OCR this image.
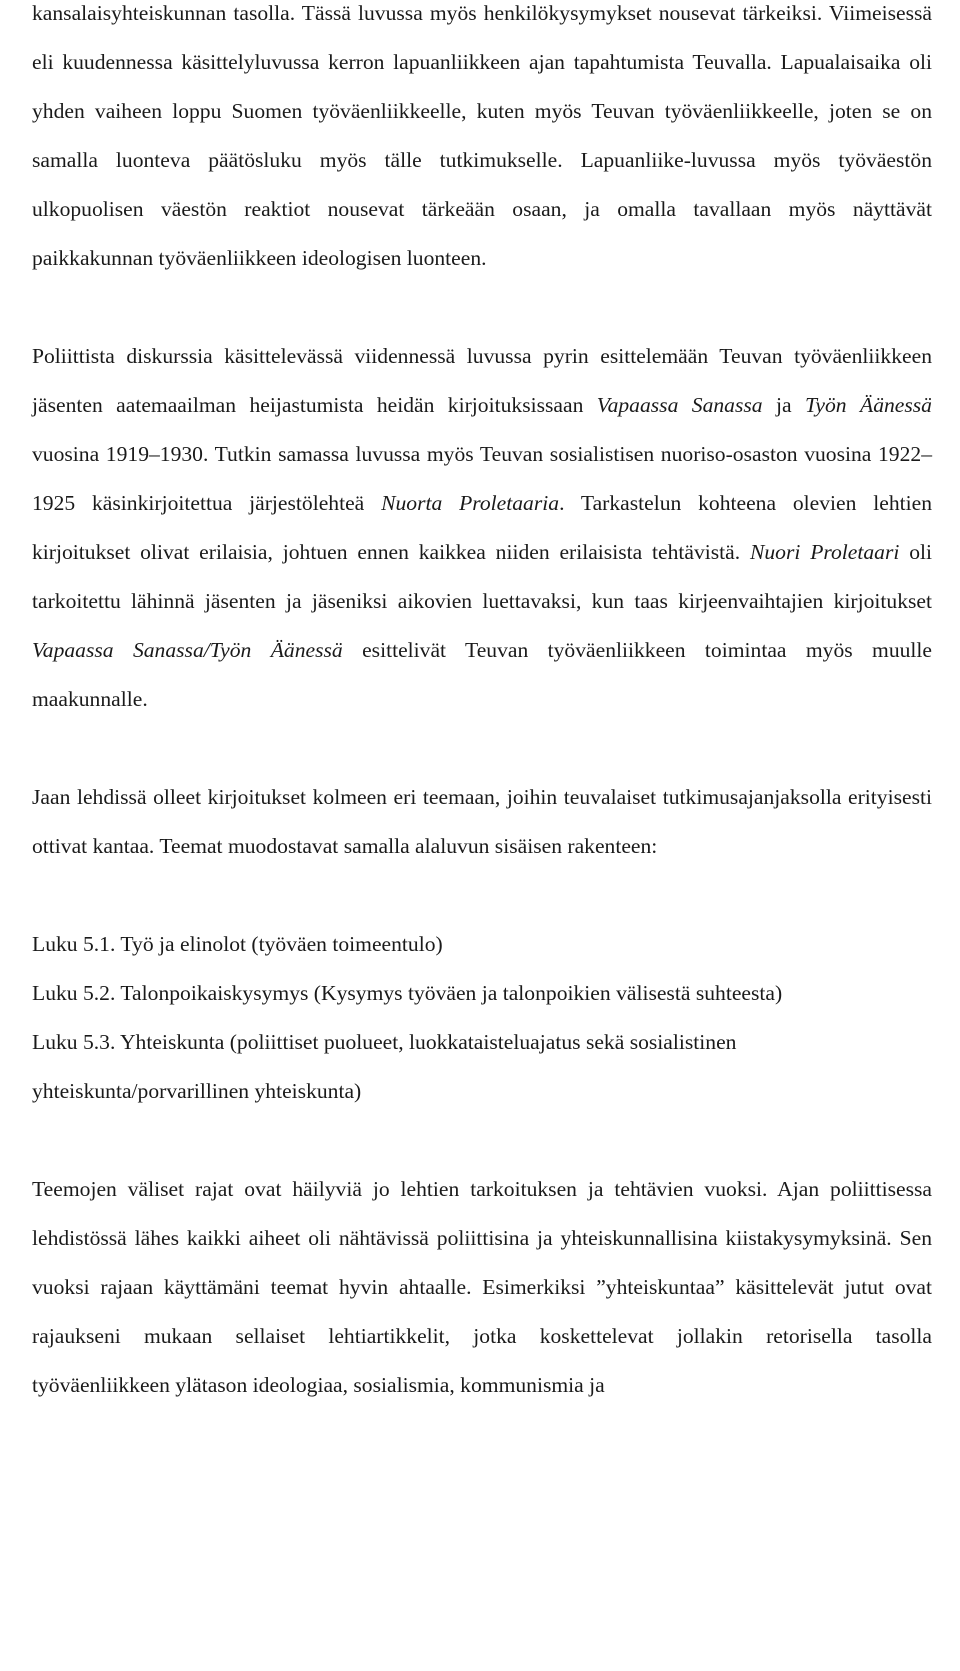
kansalaisyhteiskunnan tasolla. Tässä luvussa myös henkilökysymykset nousevat tärkeiksi. Viimeisessä eli kuudennessa käsittelyluvussa kerron lapuanliikkeen ajan tapahtumista Teuvalla. Lapualaisaika oli yhden vaiheen loppu Suomen työväenliikkeelle, kuten myös Teuvan työväenliikkeelle, joten se on samalla luonteva päätösluku myös tälle tutkimukselle. Lapuanliike-luvussa myös työväestön ulkopuolisen väestön reaktiot nousevat tärkeään osaan, ja omalla tavallaan myös näyttävät paikkakunnan työväenliikkeen ideologisen luonteen.

Poliittista diskurssia käsittelevässä viidennessä luvussa pyrin esittelemään Teuvan työväenliikkeen jäsenten aatemaailman heijastumista heidän kirjoituksissaan Vapaassa Sanassa ja Työn Äänessä vuosina 1919–1930. Tutkin samassa luvussa myös Teuvan sosialistisen nuoriso-osaston vuosina 1922–1925 käsinkirjoitettua järjestölehteä Nuorta Proletaaria. Tarkastelun kohteena olevien lehtien kirjoitukset olivat erilaisia, johtuen ennen kaikkea niiden erilaisista tehtävistä. Nuori Proletaari oli tarkoitettu lähinnä jäsenten ja jäseniksi aikovien luettavaksi, kun taas kirjeenvaihtajien kirjoitukset Vapaassa Sanassa/Työn Äänessä esittelivät Teuvan työväenliikkeen toimintaa myös muulle maakunnalle.

Jaan lehdissä olleet kirjoitukset kolmeen eri teemaan, joihin teuvalaiset tutkimusajanjaksolla erityisesti ottivat kantaa. Teemat muodostavat samalla alaluvun sisäisen rakenteen:

Luku 5.1. Työ ja elinolot (työväen toimeentulo)

Luku 5.2. Talonpoikaiskysymys (Kysymys työväen ja talonpoikien välisestä suhteesta)

Luku 5.3. Yhteiskunta (poliittiset puolueet, luokkataisteluajatus sekä sosialistinen yhteiskunta/porvarillinen yhteiskunta)

Teemojen väliset rajat ovat häilyviä jo lehtien tarkoituksen ja tehtävien vuoksi. Ajan poliittisessa lehdistössä lähes kaikki aiheet oli nähtävissä poliittisina ja yhteiskunnallisina kiistakysymyksinä. Sen vuoksi rajaan käyttämäni teemat hyvin ahtaalle. Esimerkiksi ”yhteiskuntaa” käsittelevät jutut ovat rajaukseni mukaan sellaiset lehtiartikkelit, jotka koskettelevat jollakin retorisella tasolla työväenliikkeen ylätason ideologiaa, sosialismia, kommunismia ja
